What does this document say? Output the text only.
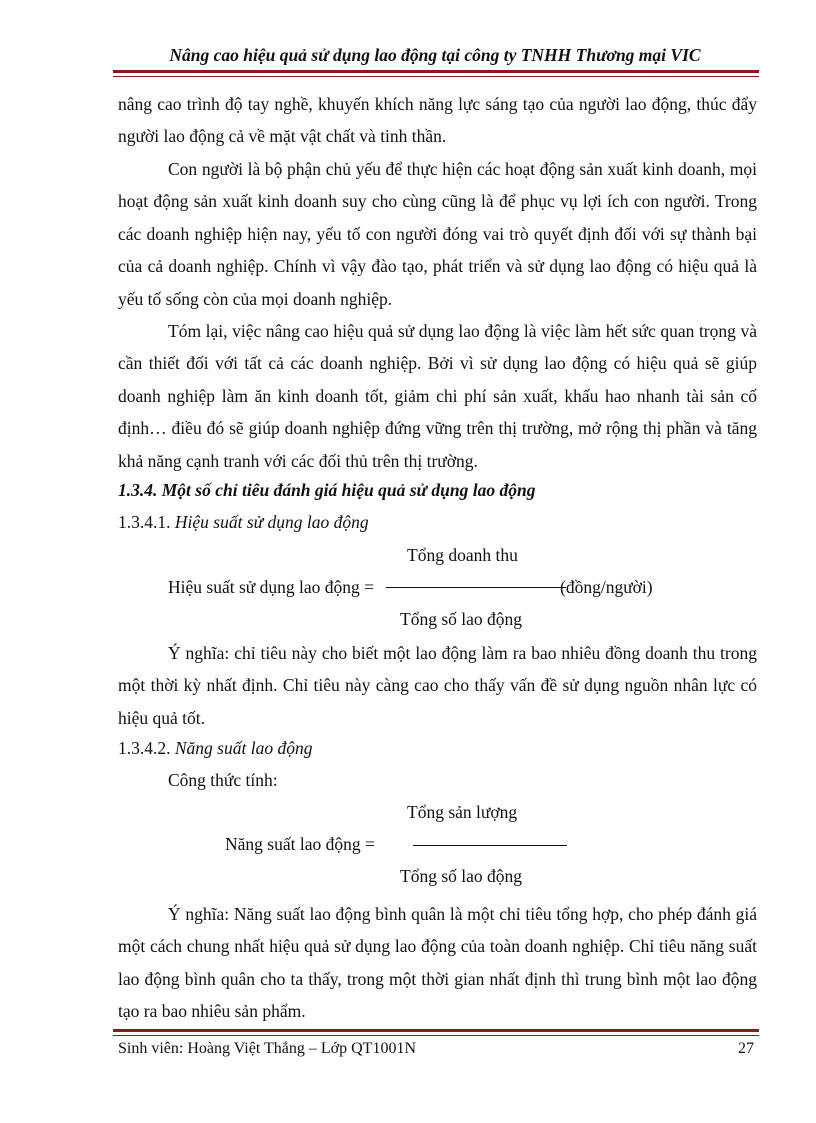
Nâng cao hiệu quả sử dụng lao động tại công ty TNHH Thương mại VIC
nâng cao trình độ tay nghề, khuyến khích năng lực sáng tạo của người lao động, thúc đẩy người lao động cả về mặt vật chất và tinh thần.
Con người là bộ phận chủ yếu để thực hiện các hoạt động sản xuất kinh doanh, mọi hoạt động sản xuất kinh doanh suy cho cùng cũng là để phục vụ lợi ích con người. Trong các doanh nghiệp hiện nay, yếu tố con người đóng vai trò quyết định đối với sự thành bại của cả doanh nghiệp. Chính vì vậy đào tạo, phát triển và sử dụng lao động có hiệu quả là yếu tố sống còn của mọi doanh nghiệp.
Tóm lại, việc nâng cao hiệu quả sử dụng lao động là việc làm hết sức quan trọng và cần thiết đối với tất cả các doanh nghiệp. Bởi vì sử dụng lao động có hiệu quả sẽ giúp doanh nghiệp làm ăn kinh doanh tốt, giảm chi phí sản xuất, khấu hao nhanh tài sản cố định… điều đó sẽ giúp doanh nghiệp đứng vững trên thị trường, mở rộng thị phần và tăng khả năng cạnh tranh với các đối thủ trên thị trường.
1.3.4. Một số chỉ tiêu đánh giá hiệu quả sử dụng lao động
1.3.4.1. Hiệu suất sử dụng lao động
Tổng doanh thu
Hiệu suất sử dụng lao động =	(đồng/người)
Tổng số lao động
Ý nghĩa: chỉ tiêu này cho biết một lao động làm ra bao nhiêu đồng doanh thu trong một thời kỳ nhất định. Chỉ tiêu này càng cao cho thấy vấn đề sử dụng nguồn nhân lực có hiệu quả tốt.
1.3.4.2. Năng suất lao động
Công thức tính:
Tổng sản lượng
Năng suất lao động =
Tổng số lao động
Ý nghĩa: Năng suất lao động bình quân là một chỉ tiêu tổng hợp, cho phép đánh giá một cách chung nhất hiệu quả sử dụng lao động của toàn doanh nghiệp. Chỉ tiêu năng suất lao động bình quân cho ta thấy, trong một thời gian nhất định thì trung bình một lao động tạo ra bao nhiêu sản phẩm.
Sinh viên: Hoàng Việt Thắng – Lớp QT1001N	27
